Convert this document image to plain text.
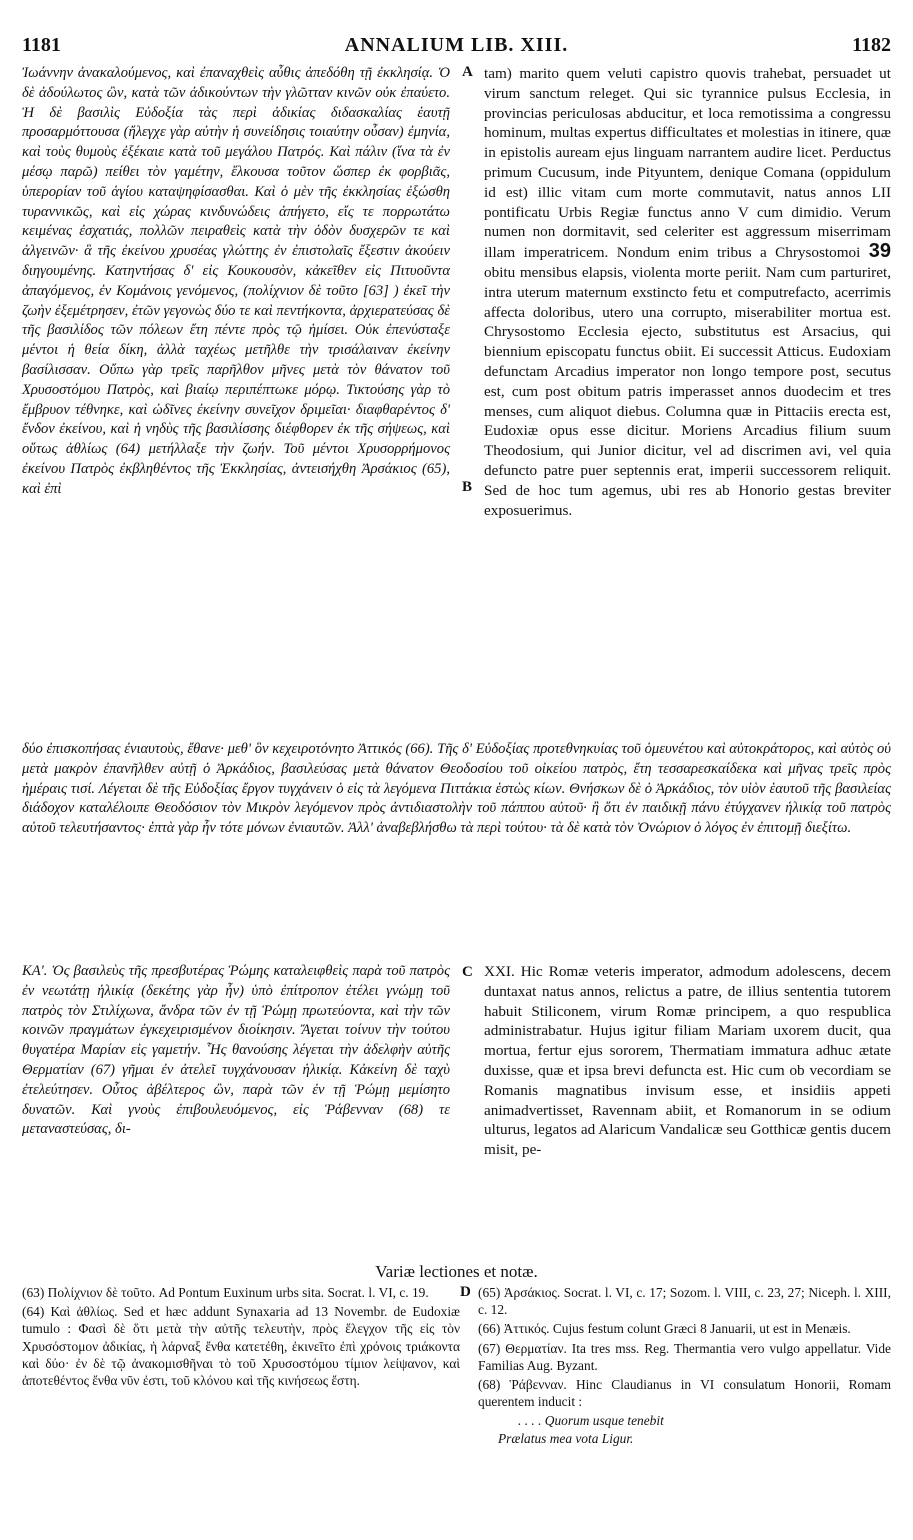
1181	ANNALIUM LIB. XIII.	1182
Ἰωάννην ἀνακαλούμενος, καὶ ἐπαναχθεὶς αὖθις ἀπεδόθη τῇ ἐκκλησίᾳ. Ὁ δὲ ἀδούλωτος ὢν, κατὰ τῶν ἀδικούντων τὴν γλῶτταν κινῶν οὐκ ἐπαύετο. Ἡ δὲ βασιλὶς Εὐδοξία τὰς περὶ ἀδικίας διδασκαλίας ἑαυτῇ προσαρμόττουσα (ἤλεγχε γὰρ αὐτὴν ἡ συνείδησις τοιαύτην οὖσαν) ἐμηνία, καὶ τοὺς θυμοὺς ἐξέκαιε κατὰ τοῦ μεγάλου Πατρός. Καὶ πάλιν (ἵνα τὰ ἐν μέσῳ παρῶ) πείθει τὸν γαμέτην, ἕλκουσα τοῦτον ὥσπερ ἐκ φορβιᾶς, ὑπερορίαν τοῦ ἁγίου καταψηφίσασθαι. Καὶ ὁ μὲν τῆς ἐκκλησίας ἐξώσθη τυραννικῶς, καὶ εἰς χώρας κινδυνώδεις ἀπήγετο, εἴς τε πορρωτάτω κειμένας ἐσχατιάς, πολλῶν πειραθεὶς κατὰ τὴν ὁδὸν δυσχερῶν τε καὶ ἀλγεινῶν· ἃ τῆς ἐκείνου χρυσέας γλώττης ἐν ἐπιστολαῖς ἔξεστιν ἀκούειν διηγουμένης. Κατηντήσας δ' εἰς Κουκουσὸν, κἀκεῖθεν εἰς Πιτυοῦντα ἀπαγόμενος, ἐν Κομάνοις γενόμενος, (πολίχνιον δὲ τοῦτο [63] ) ἐκεῖ τὴν ζωὴν ἐξεμέτρησεν, ἐτῶν γεγονὼς δύο τε καὶ πεντήκοντα, ἀρχιερατεύσας δὲ τῆς βασιλίδος τῶν πόλεων ἔτη πέντε πρὸς τῷ ἡμίσει. Οὐκ ἐπενύσταξε μέντοι ἡ θεία δίκη, ἀλλὰ ταχέως μετῆλθε τὴν τρισάλαιναν ἐκείνην βασίλισσαν. Οὔπω γὰρ τρεῖς παρῆλθον μῆνες μετὰ τὸν θάνατον τοῦ Χρυσοστόμου Πατρὸς, καὶ βιαίῳ περιπέπτωκε μόρῳ. Τικτούσης γὰρ τὸ ἔμβρυον τέθνηκε, καὶ ὠδῖνες ἐκείνην συνεῖχον δριμεῖαι· διαφθαρέντος δ' ἔνδον ἐκείνου, καὶ ἡ νηδὺς τῆς βασιλίσσης διέφθορεν ἐκ τῆς σήψεως, καὶ οὕτως ἀθλίως (64) μετήλλαξε τὴν ζωήν. Τοῦ μέντοι Χρυσορρήμονος ἐκείνου Πατρὸς ἐκβληθέντος τῆς Ἐκκλησίας, ἀντεισήχθη Ἀρσάκιος (65), καὶ ἐπὶ
A
B
tam) marito quem veluti capistro quovis trahebat, persuadet ut virum sanctum releget. Qui sic tyrannice pulsus Ecclesia, in provincias periculosas abducitur, et loca remotissima a congressu hominum, multas expertus difficultates et molestias in itinere, quæ in epistolis auream ejus linguam narrantem audire licet. Perductus primum Cucusum, inde Pityuntem, denique Comana (oppidulum id est) illic vitam cum morte commutavit, natus annos LII pontificatu Urbis Regiæ functus anno V cum dimidio. Verum numen non dormitavit, sed celeriter est aggressum miserrimam illam imperatricem. Nondum enim tribus a Chrysostomoi 39 obitu mensibus elapsis, violenta morte periit. Nam cum parturiret, intra uterum maternum exstincto fetu et computrefacto, acerrimis affecta doloribus, utero una corrupto, miserabiliter mortua est. Chrysostomo Ecclesia ejecto, substitutus est Arsacius, qui biennium episcopatu functus obiit. Ei successit Atticus. Eudoxiam defunctam Arcadius imperator non longo tempore post, secutus est, cum post obitum patris imperasset annos duodecim et tres menses, cum aliquot diebus. Columna quæ in Pittaciis erecta est, Eudoxiæ opus esse dicitur. Moriens Arcadius filium suum Theodosium, qui Junior dicitur, vel ad discrimen avi, vel quia defuncto patre puer septennis erat, imperii successorem reliquit. Sed de hoc tum agemus, ubi res ab Honorio gestas breviter exposuerimus.
δύο ἐπισκοπήσας ἐνιαυτοὺς, ἔθανε· μεθ' ὃν κεχειροτόνητο Ἀττικός (66). Τῆς δ' Εὐδοξίας προτεθνηκυίας τοῦ ὁμευνέτου καὶ αὐτοκράτορος, καὶ αὐτὸς οὐ μετὰ μακρὸν ἐπανῆλθεν αὐτῇ ὁ Ἀρκάδιος, βασιλεύσας μετὰ θάνατον Θεοδοσίου τοῦ οἰκείου πατρὸς, ἔτη τεσσαρεσκαίδεκα καὶ μῆνας τρεῖς πρὸς ἡμέραις τισί. Λέγεται δὲ τῆς Εὐδοξίας ἔργον τυγχάνειν ὁ εἰς τὰ λεγόμενα Πιττάκια ἑστὼς κίων. Θνήσκων δὲ ὁ Ἀρκάδιος, τὸν υἱὸν ἑαυτοῦ τῆς βασιλείας διάδοχον καταλέλοιπε Θεοδόσιον τὸν Μικρὸν λεγόμενον πρὸς ἀντιδιαστολὴν τοῦ πάππου αὐτοῦ· ἢ ὅτι ἐν παιδικῇ πάνυ ἐτύγχανεν ἡλικίᾳ τοῦ πατρὸς αὐτοῦ τελευτήσαντος· ἑπτὰ γὰρ ἦν τότε μόνων ἐνιαυτῶν. Ἀλλ' ἀναβεβλήσθω τὰ περὶ τούτου· τὰ δὲ κατὰ τὸν Ὀνώριον ὁ λόγος ἐν ἐπιτομῇ διεξίτω.
ΚΑ'. Ὁς βασιλεὺς τῆς πρεσβυτέρας Ῥώμης καταλειφθεὶς παρὰ τοῦ πατρὸς ἐν νεωτάτῃ ἡλικίᾳ (δεκέτης γὰρ ἦν) ὑπὸ ἐπίτροπον ἐτέλει γνώμῃ τοῦ πατρὸς τὸν Στιλίχωνα, ἄνδρα τῶν ἐν τῇ Ῥώμῃ πρωτεύοντα, καὶ τὴν τῶν κοινῶν πραγμάτων ἐγκεχειρισμένον διοίκησιν. Ἄγεται τοίνυν τὴν τούτου θυγατέρα Μαρίαν εἰς γαμετήν. Ἧς θανούσης λέγεται τὴν ἀδελφὴν αὐτῆς Θερματίαν (67) γῆμαι ἐν ἀτελεῖ τυγχάνουσαν ἡλικίᾳ. Κἀκείνη δὲ ταχὺ ἐτελεύτησεν. Οὗτος ἀβέλτερος ὢν, παρὰ τῶν ἐν τῇ Ῥώμῃ μεμίσητο δυνατῶν. Καὶ γνοὺς ἐπιβουλευόμενος, εἰς Ῥάβενναν (68) τε μεταναστεύσας, δι-
C XXI. Hic Romæ veteris imperator, admodum adolescens, decem duntaxat natus annos, relictus a patre, de illius sententia tutorem habuit Stiliconem, virum Romæ principem, a quo respublica administrabatur. Hujus igitur filiam Mariam uxorem ducit, qua mortua, fertur ejus sororem, Thermatiam immatura adhuc ætate duxisse, quæ et ipsa brevi defuncta est. Hic cum ob vecordiam se Romanis magnatibus invisum esse, et insidiis appeti animadvertisset, Ravennam abiit, et Romanorum in se odium ulturus, legatos ad Alaricum Vandalicæ seu Gotthicæ gentis ducem misit, pe-
Variæ lectiones et notæ.

(63) Πολίχνιον δὲ τοῦτο. Ad Pontum Euxinum urbs sita. Socrat. l. VI, c. 19.

(64) Καὶ ἀθλίως. Sed et hæc addunt Synaxaria ad 13 Novembr. de Eudoxiæ tumulo : Φασὶ δὲ ὅτι μετὰ τὴν αὐτῆς τελευτὴν, πρὸς ἔλεγχον τῆς εἰς τὸν Χρυσόστομον ἀδικίας, ἡ λάρναξ ἔνθα κατετέθη, ἐκινεῖτο ἐπὶ χρόνοις τριάκοντα καὶ δύο· ἐν δὲ τῷ ἀνακομισθῆναι τὸ τοῦ Χρυσοστόμου τίμιον λείψανον, καὶ ἀποτεθέντος ἔνθα νῦν ἐστι, τοῦ κλόνου καὶ τῆς κινήσεως ἔστη.

D (65) Ἀρσάκιος. Socrat. l. VI, c. 17; Sozom. l. VIII, c. 23, 27; Niceph. l. XIII, c. 12.

(66) Ἀττικός. Cujus festum colunt Græci 8 Januarii, ut est in Menæis.

(67) Θερματίαν. Ita tres mss. Reg. Thermantia vero vulgo appellatur. Vide Familias Aug. Byzant.

(68) Ῥάβενναν. Hinc Claudianus in VI consulatum Honorii, Romam querentem inducit :

. . . . Quorum usque tenebit
Prælatus mea vota Ligur.
